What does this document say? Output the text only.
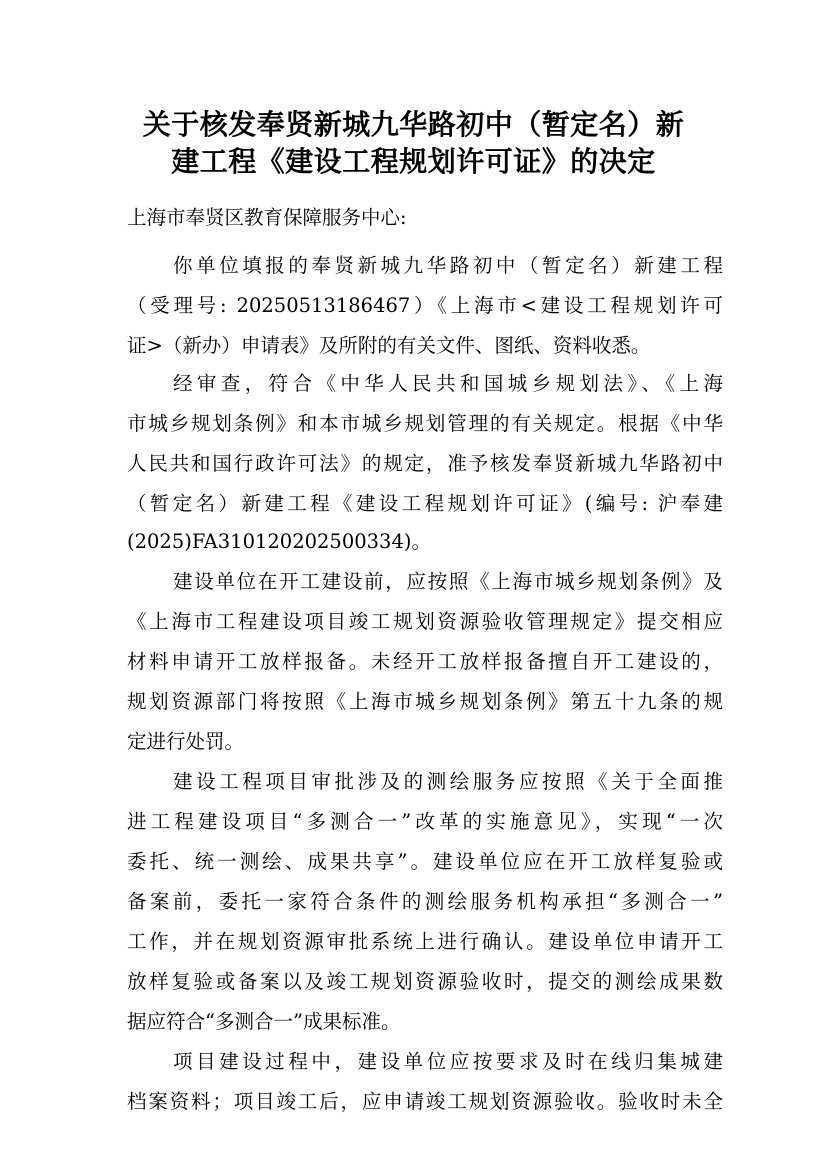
关于核发奉贤新城九华路初中（暂定名）新
建工程《建设工程规划许可证》的决定
上海市奉贤区教育保障服务中心:
你单位填报的奉贤新城九华路初中（暂定名）新建工程
（受理号: 20250513186467）《上海市<建设工程规划许可
证>（新办）申请表》及所附的有关文件、图纸、资料收悉。
经审查，符合《中华人民共和国城乡规划法》、《上海
市城乡规划条例》和本市城乡规划管理的有关规定。根据《中华
人民共和国行政许可法》的规定，准予核发奉贤新城九华路初中
（暂定名）新建工程《建设工程规划许可证》(编号: 沪奉建
(2025)FA310120202500334)。
建设单位在开工建设前，应按照《上海市城乡规划条例》及
《上海市工程建设项目竣工规划资源验收管理规定》提交相应
材料申请开工放样报备。未经开工放样报备擅自开工建设的，
规划资源部门将按照《上海市城乡规划条例》第五十九条的规
定进行处罚。
建设工程项目审批涉及的测绘服务应按照《关于全面推
进工程建设项目“多测合一”改革的实施意见》，实现“一次
委托、统一测绘、成果共享”。建设单位应在开工放样复验或
备案前，委托一家符合条件的测绘服务机构承担“多测合一”
工作，并在规划资源审批系统上进行确认。建设单位申请开工
放样复验或备案以及竣工规划资源验收时，提交的测绘成果数
据应符合“多测合一”成果标准。
项目建设过程中，建设单位应按要求及时在线归集城建
档案资料；项目竣工后，应申请竣工规划资源验收。验收时未全
